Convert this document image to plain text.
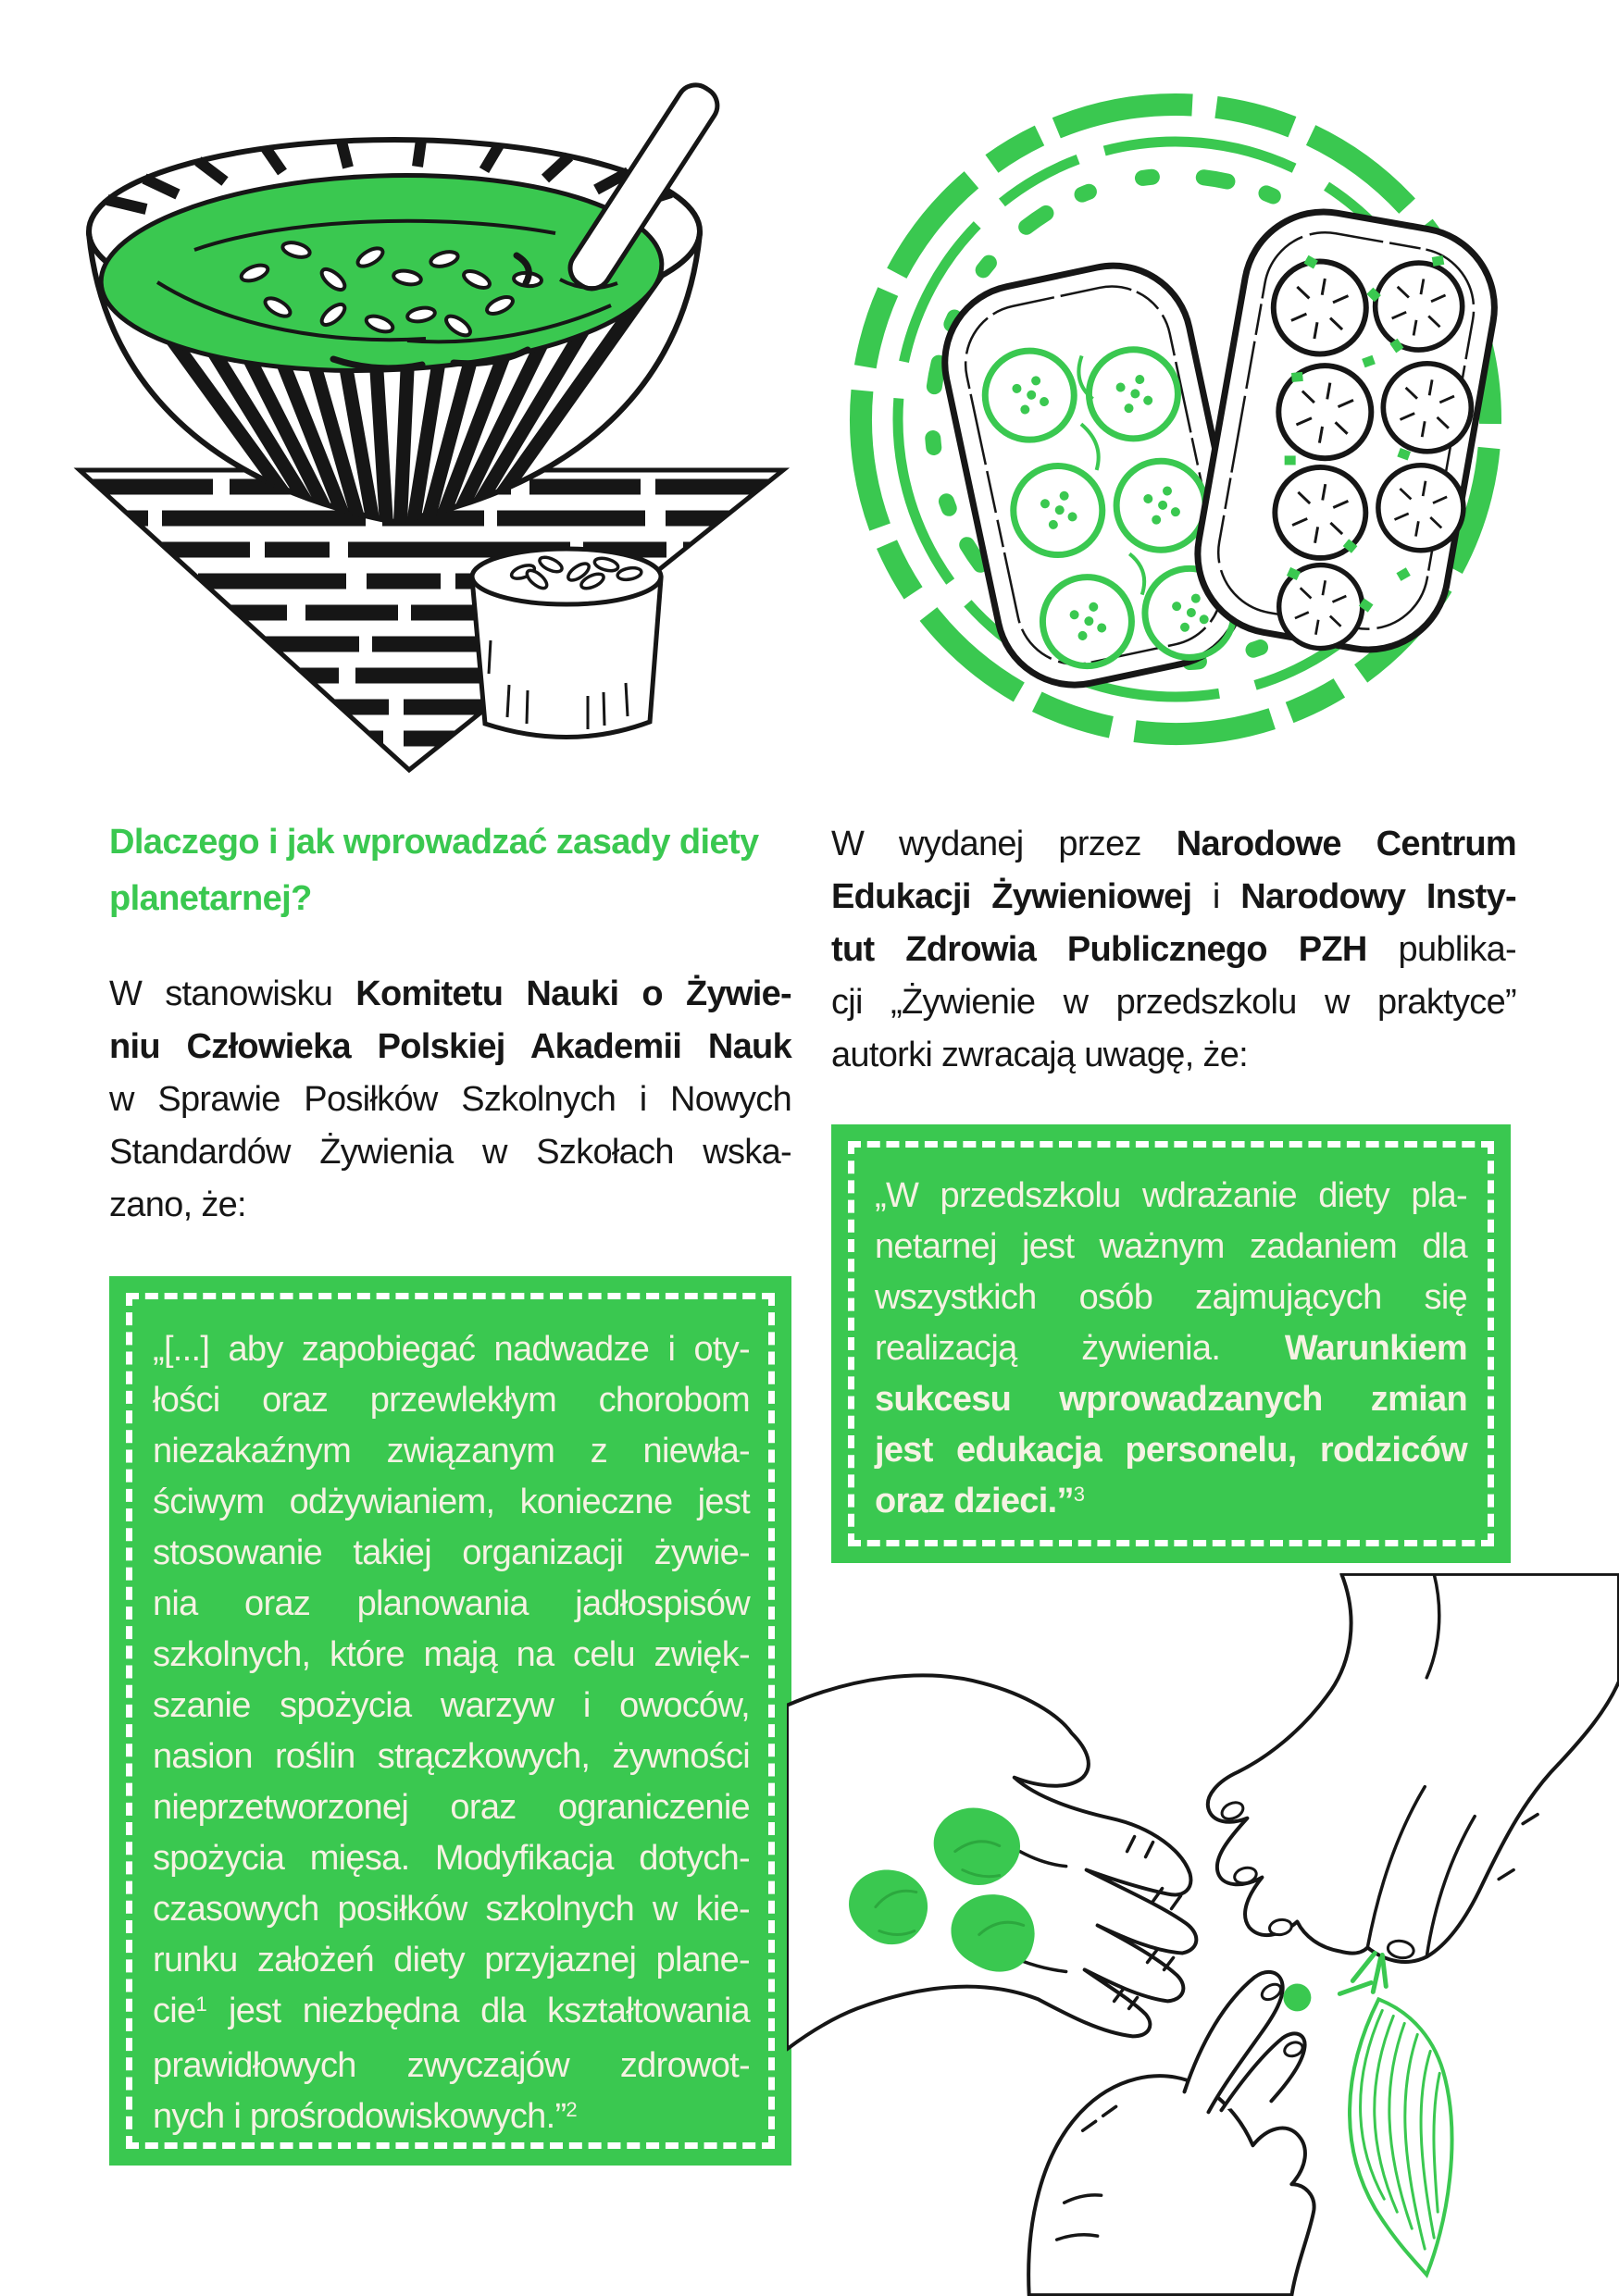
Dlaczego i jak wprowadzać zasady diety
planetarnej?
W stanowisku Komitetu Nauki o Żywie-
niu Człowieka Polskiej Akademii Nauk
w Sprawie Posiłków Szkolnych i Nowych
Standardów Żywienia w Szkołach wska-
zano, że:
„[...] aby zapobiegać nadwadze i oty-
łości oraz przewlekłym chorobom
niezakaźnym związanym z niewła-
ściwym odżywianiem, konieczne jest
stosowanie takiej organizacji żywie-
nia oraz planowania jadłospisów
szkolnych, które mają na celu zwięk-
szanie spożycia warzyw i owoców,
nasion roślin strączkowych, żywności
nieprzetworzonej oraz ograniczenie
spożycia mięsa. Modyfikacja dotych-
czasowych posiłków szkolnych w kie-
runku założeń diety przyjaznej plane-
cie$^1$ jest niezbędna dla kształtowania
prawidłowych zwyczajów zdrowot-
nych i prośrodowiskowych.”$^2$
W wydanej przez Narodowe Centrum
Edukacji Żywieniowej i Narodowy Insty-
tut Zdrowia Publicznego PZH publika-
cji „Żywienie w przedszkolu w praktyce”
autorki zwracają uwagę, że:
„W przedszkolu wdrażanie diety pla-
netarnej jest ważnym zadaniem dla
wszystkich osób zajmujących się
realizacją żywienia. Warunkiem
sukcesu wprowadzanych zmian
jest edukacja personelu, rodziców
oraz dzieci.”$^3$
